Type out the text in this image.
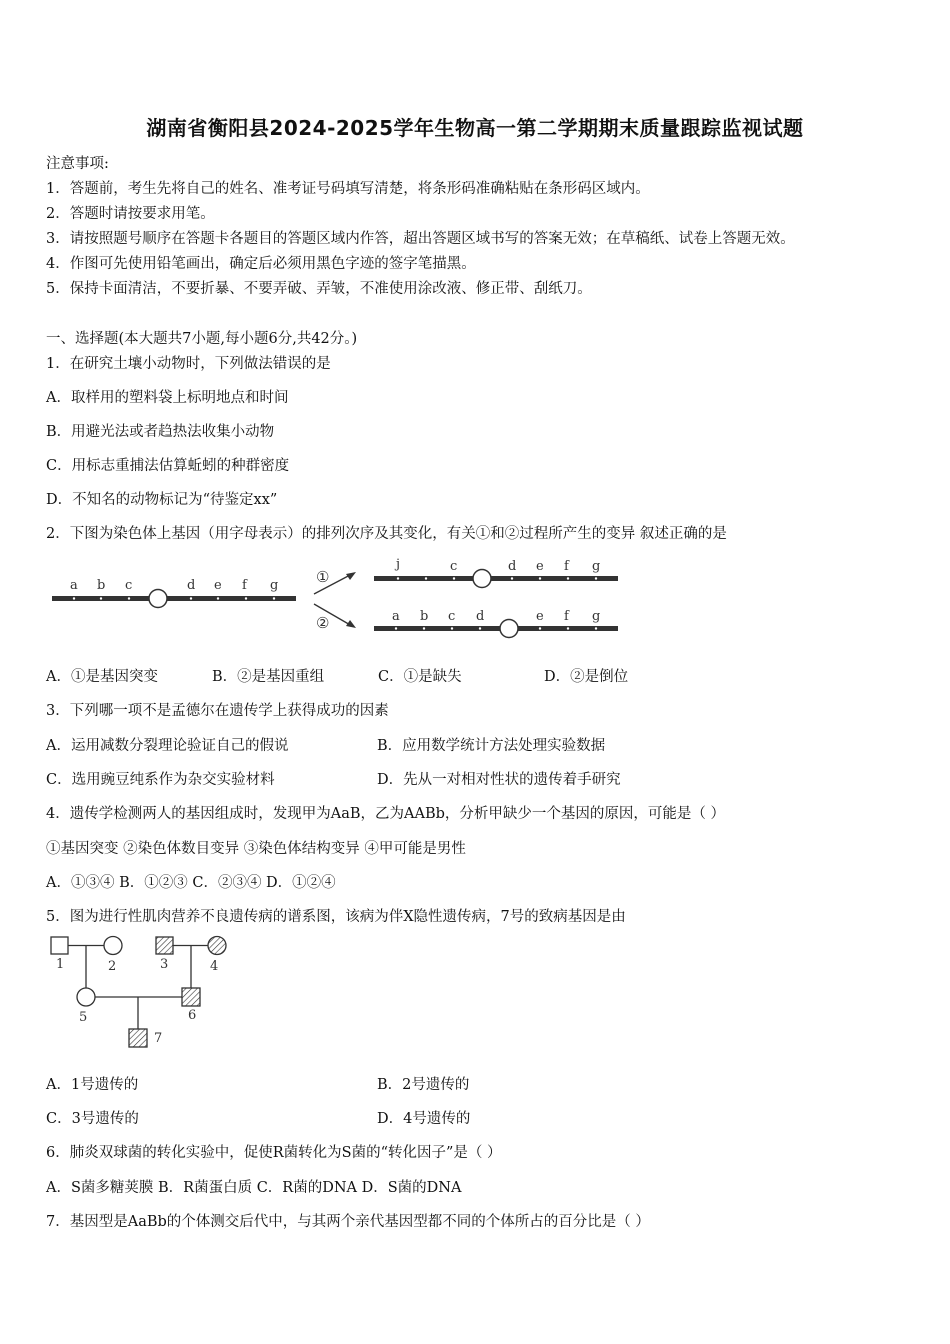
湖南省衡阳县2024-2025学年生物高一第二学期期末质量跟踪监视试题
注意事项:
1．答题前，考生先将自己的姓名、准考证号码填写清楚，将条形码准确粘贴在条形码区域内。
2．答题时请按要求用笔。
3．请按照题号顺序在答题卡各题目的答题区域内作答，超出答题区域书写的答案无效；在草稿纸、试卷上答题无效。
4．作图可先使用铅笔画出，确定后必须用黑色字迹的签字笔描黑。
5．保持卡面清洁，不要折暴、不要弄破、弄皱，不准使用涂改液、修正带、刮纸刀。
一、选择题(本大题共7小题,每小题6分,共42分。)
1．在研究土壤小动物时，下列做法错误的是
A．取样用的塑料袋上标明地点和时间
B．用避光法或者趋热法收集小动物
C．用标志重捕法估算蚯蚓的种群密度
D．不知名的动物标记为“待鉴定xx”
2．下图为染色体上基因（用字母表示）的排列次序及其变化，有关①和②过程所产生的变异 叙述正确的是
a b c	d e f g	①
②
j	c	d e f g
a b c d	e f g
A．①是基因突变	B．②是基因重组	C．①是缺失	D．②是倒位
3．下列哪一项不是孟德尔在遗传学上获得成功的因素
A．运用减数分裂理论验证自己的假说	B．应用数学统计方法处理实验数据
C．选用豌豆纯系作为杂交实验材料	D．先从一对相对性状的遗传着手研究
4．遗传学检测两人的基因组成时，发现甲为AaB，乙为AABb，分析甲缺少一个基因的原因，可能是（ ）
①基因突变 ②染色体数目变异 ③染色体结构变异 ④甲可能是男性
A．①③④ B．①②③ C．②③④ D．①②④
5．图为进行性肌肉营养不良遗传病的谱系图，该病为伴X隐性遗传病，7号的致病基因是由
1	2	3	4
5	6
7
A．1号遗传的	B．2号遗传的
C．3号遗传的	D．4号遗传的
6．肺炎双球菌的转化实验中，促使R菌转化为S菌的“转化因子”是（ ）
A．S菌多糖荚膜 B．R菌蛋白质 C．R菌的DNA D．S菌的DNA
7．基因型是AaBb的个体测交后代中，与其两个亲代基因型都不同的个体所占的百分比是（ ）
